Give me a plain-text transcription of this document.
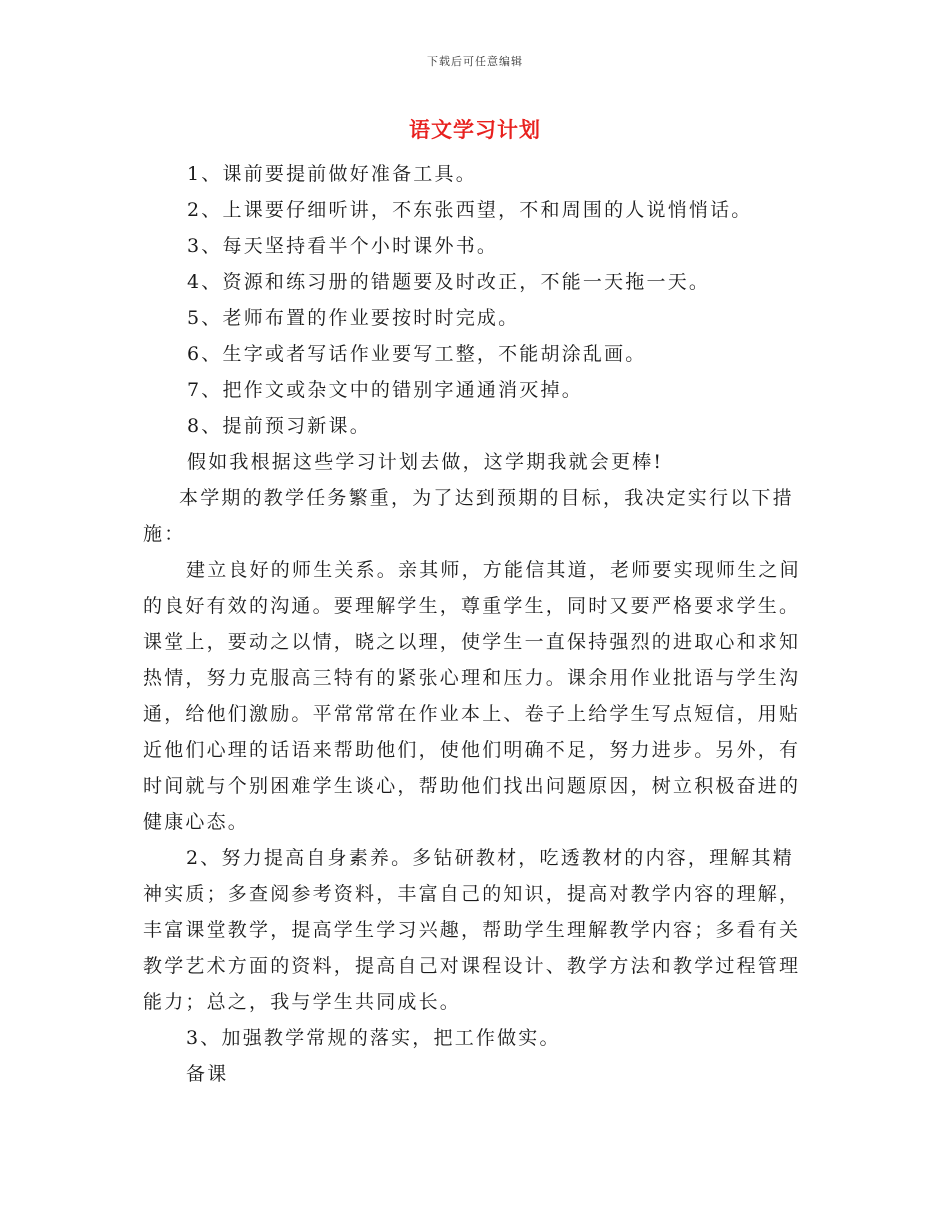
下载后可任意编辑
语文学习计划

1、课前要提前做好准备工具。

2、上课要仔细听讲，不东张西望，不和周围的人说悄悄话。

3、每天坚持看半个小时课外书。

4、资源和练习册的错题要及时改正，不能一天拖一天。

5、老师布置的作业要按时时完成。

6、生字或者写话作业要写工整，不能胡涂乱画。

7、把作文或杂文中的错别字通通消灭掉。

8、提前预习新课。

假如我根据这些学习计划去做，这学期我就会更棒!

本学期的教学任务繁重，为了达到预期的目标，我决定实行以下措施：

建立良好的师生关系。亲其师，方能信其道，老师要实现师生之间的良好有效的沟通。要理解学生，尊重学生，同时又要严格要求学生。课堂上，要动之以情，晓之以理，使学生一直保持强烈的进取心和求知热情，努力克服高三特有的紧张心理和压力。课余用作业批语与学生沟通，给他们激励。平常常常在作业本上、卷子上给学生写点短信，用贴近他们心理的话语来帮助他们，使他们明确不足，努力进步。另外，有时间就与个别困难学生谈心，帮助他们找出问题原因，树立积极奋进的健康心态。

2、努力提高自身素养。多钻研教材，吃透教材的内容，理解其精神实质；多查阅参考资料，丰富自己的知识，提高对教学内容的理解，丰富课堂教学，提高学生学习兴趣，帮助学生理解教学内容；多看有关教学艺术方面的资料，提高自己对课程设计、教学方法和教学过程管理能力；总之，我与学生共同成长。

3、加强教学常规的落实，把工作做实。

备课
